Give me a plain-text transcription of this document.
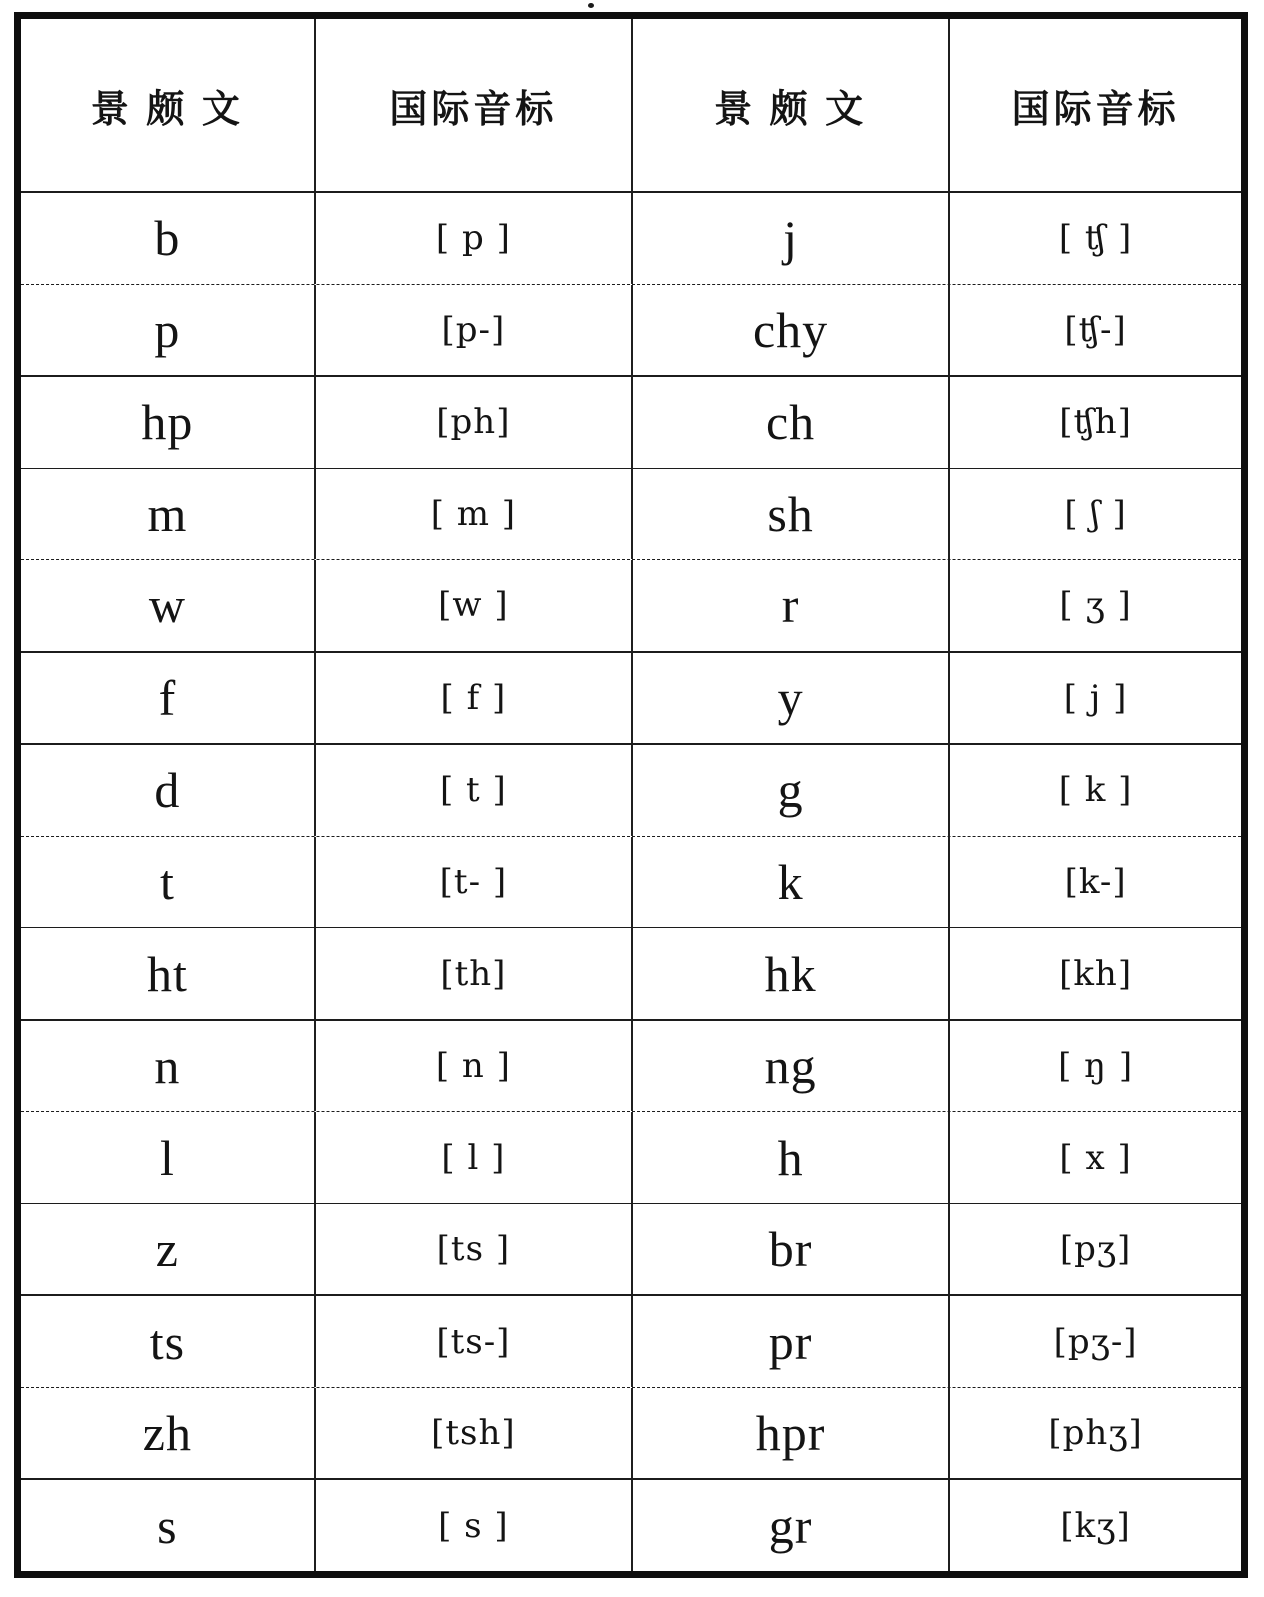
景 颇 文	国际音标	景 颇 文	国际音标
b	[ p ]	j	[ ʧ ]
p	[p-]	chy	[ʧ-]
hp	[ph]	ch	[ʧh]
m	[ m ]	sh	[ ʃ ]
w	[w ]	r	[ ʒ ]
f	[ f ]	y	[ j ]
d	[ t ]	g	[ k ]
t	[t- ]	k	[k-]
ht	[th]	hk	[kh]
n	[ n ]	ng	[ ŋ ]
l	[ l ]	h	[ x ]
z	[ts ]	br	[pʒ]
ts	[ts-]	pr	[pʒ-]
zh	[tsh]	hpr	[phʒ]
s	[ s ]	gr	[kʒ]
